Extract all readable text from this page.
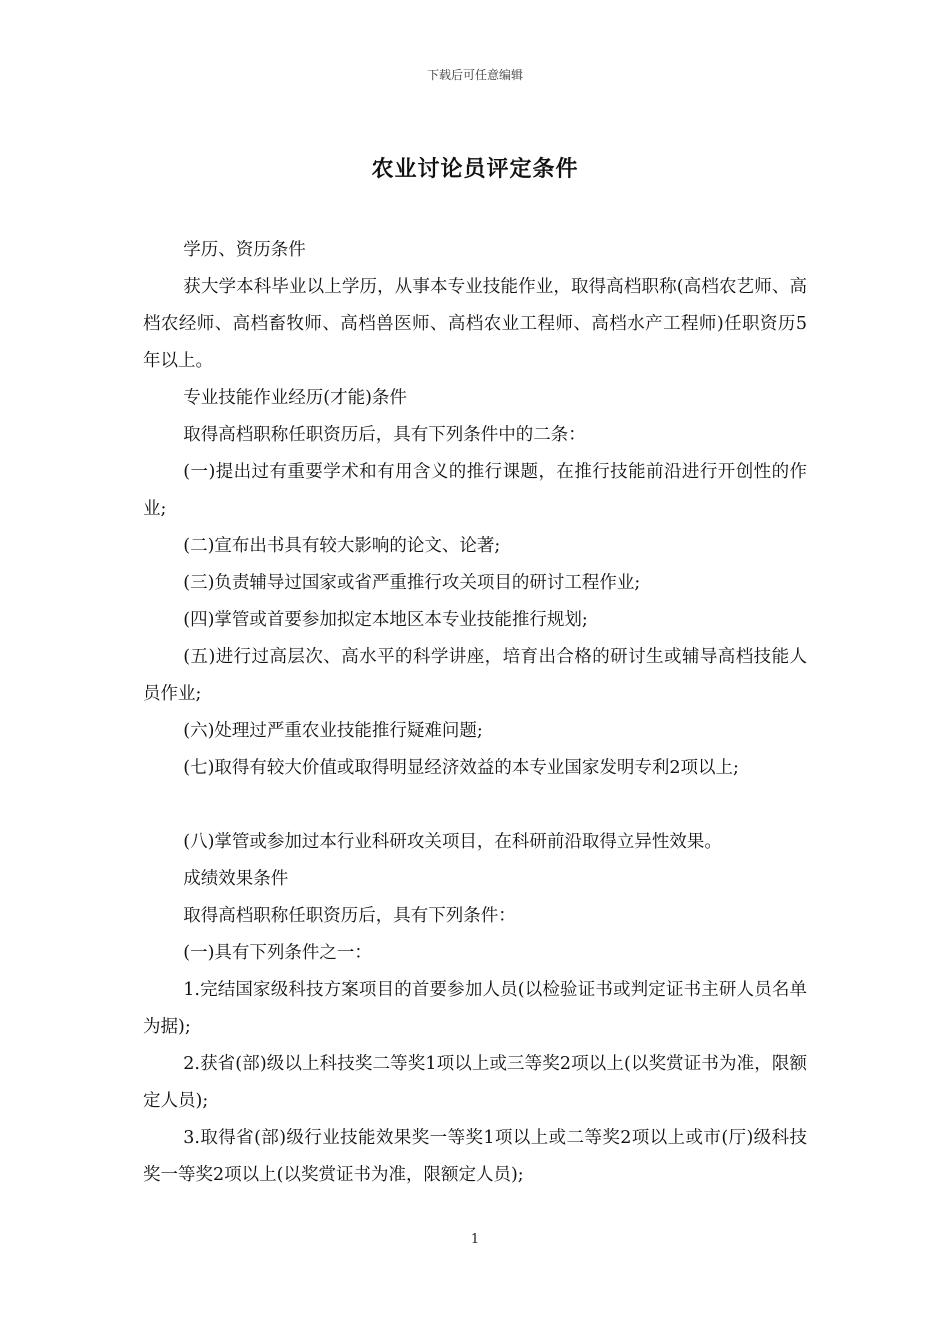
下载后可任意编辑
农业讨论员评定条件

学历、资历条件

获大学本科毕业以上学历，从事本专业技能作业，取得高档职称(高档农艺师、高档农经师、高档畜牧师、高档兽医师、高档农业工程师、高档水产工程师)任职资历5年以上。

专业技能作业经历(才能)条件

取得高档职称任职资历后，具有下列条件中的二条：

(一)提出过有重要学术和有用含义的推行课题，在推行技能前沿进行开创性的作业;

(二)宣布出书具有较大影响的论文、论著;

(三)负责辅导过国家或省严重推行攻关项目的研讨工程作业;

(四)掌管或首要参加拟定本地区本专业技能推行规划;

(五)进行过高层次、高水平的科学讲座，培育出合格的研讨生或辅导高档技能人员作业;

(六)处理过严重农业技能推行疑难问题;

(七)取得有较大价值或取得明显经济效益的本专业国家发明专利2项以上;

(八)掌管或参加过本行业科研攻关项目，在科研前沿取得立异性效果。

成绩效果条件

取得高档职称任职资历后，具有下列条件：

(一)具有下列条件之一：

1.完结国家级科技方案项目的首要参加人员(以检验证书或判定证书主研人员名单为据);

2.获省(部)级以上科技奖二等奖1项以上或三等奖2项以上(以奖赏证书为准，限额定人员);

3.取得省(部)级行业技能效果奖一等奖1项以上或二等奖2项以上或市(厅)级科技奖一等奖2项以上(以奖赏证书为准，限额定人员);

1
